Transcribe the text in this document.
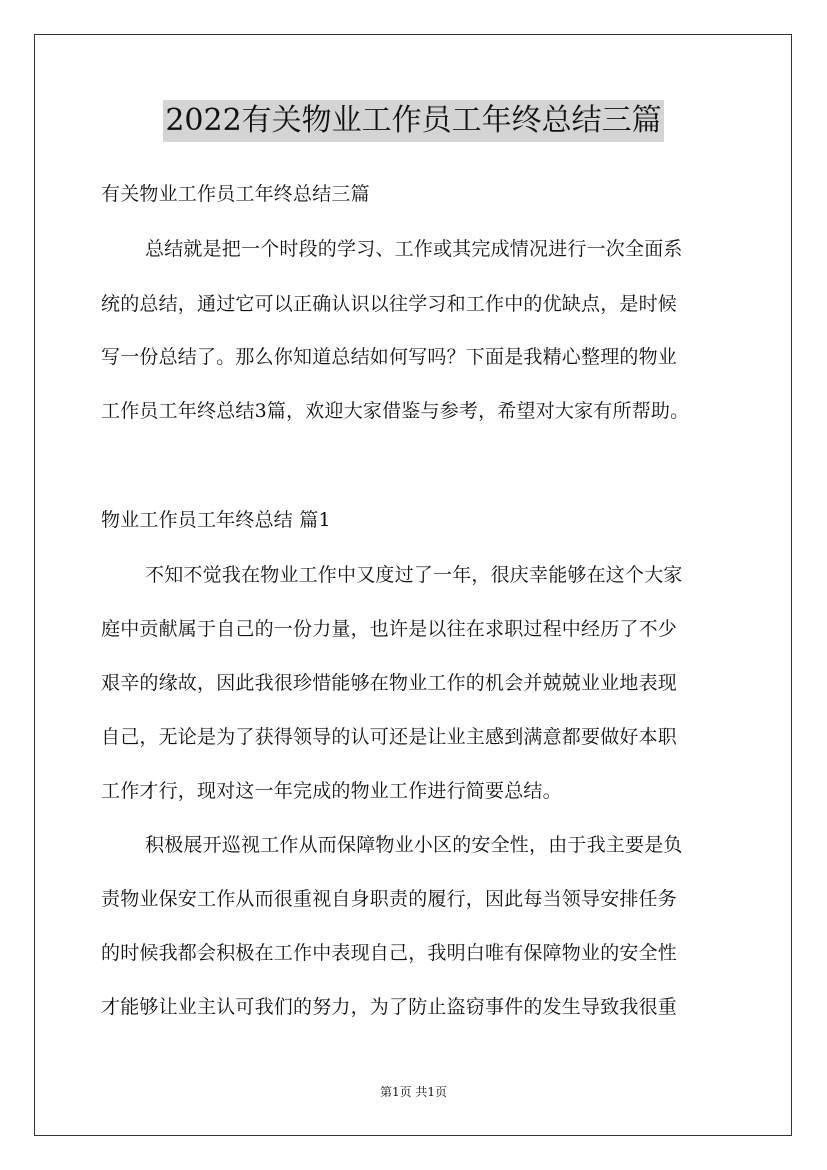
2022有关物业工作员工年终总结三篇
有关物业工作员工年终总结三篇
总结就是把一个时段的学习、工作或其完成情况进行一次全面系
统的总结，通过它可以正确认识以往学习和工作中的优缺点，是时候
写一份总结了。那么你知道总结如何写吗？下面是我精心整理的物业
工作员工年终总结3篇，欢迎大家借鉴与参考，希望对大家有所帮助。
物业工作员工年终总结 篇1
不知不觉我在物业工作中又度过了一年，很庆幸能够在这个大家
庭中贡献属于自己的一份力量，也许是以往在求职过程中经历了不少
艰辛的缘故，因此我很珍惜能够在物业工作的机会并兢兢业业地表现
自己，无论是为了获得领导的认可还是让业主感到满意都要做好本职
工作才行，现对这一年完成的物业工作进行简要总结。
积极展开巡视工作从而保障物业小区的安全性，由于我主要是负
责物业保安工作从而很重视自身职责的履行，因此每当领导安排任务
的时候我都会积极在工作中表现自己，我明白唯有保障物业的安全性
才能够让业主认可我们的努力，为了防止盗窃事件的发生导致我很重
第1页 共1页
